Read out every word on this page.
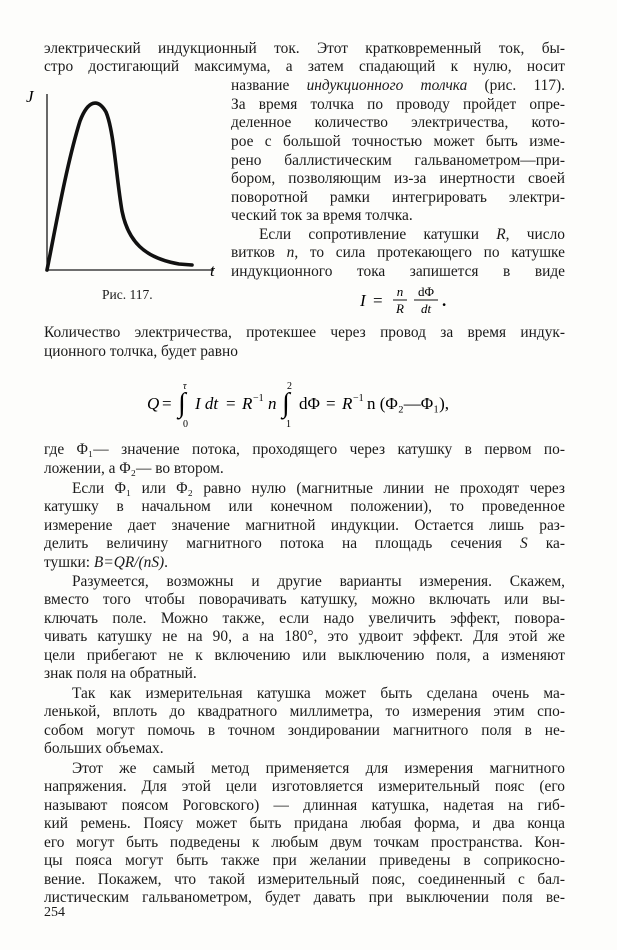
электрический индукционный ток. Этот кратковременный ток, бы-
стро достигающий максимума, а затем спадающий к нулю, носит
название индукционного толчка (рис. 117).
За время толчка по проводу пройдет опре-
деленное количество электричества, кото-
рое с большой точностью может быть изме-
рено баллистическим гальванометром—при-
бором, позволяющим из-за инертности своей
поворотной рамки интегрировать электри-
ческий ток за время толчка.
Если сопротивление катушки R, число
витков n, то сила протекающего по катушке
индукционного тока запишется в виде
J
t
Рис. 117.	I = n
R
dΦ
dt .
Количество электричества, протекшее через провод за время индук-
ционного толчка, будет равно
Q =
τ
∫
0
I dt = R −1 n
2
∫
1
dΦ = R −1 n (Φ₂—Φ₁),
где Φ₁— значение потока, проходящего через катушку в первом по-
ложении, а Φ₂— во втором.
Если Φ₁ или Φ₂ равно нулю (магнитные линии не проходят через
катушку в начальном или конечном положении), то проведенное
измерение дает значение магнитной индукции. Остается лишь раз-
делить величину магнитного потока на площадь сечения S ка-
тушки: B=QR/(nS).
Разумеется, возможны и другие варианты измерения. Скажем,
вместо того чтобы поворачивать катушку, можно включать или вы-
ключать поле. Можно также, если надо увеличить эффект, повора-
чивать катушку не на 90, а на 180°, это удвоит эффект. Для этой же
цели прибегают не к включению или выключению поля, а изменяют
знак поля на обратный.
Так как измерительная катушка может быть сделана очень ма-
ленькой, вплоть до квадратного миллиметра, то измерения этим спо-
собом могут помочь в точном зондировании магнитного поля в не-
больших объемах.
Этот же самый метод применяется для измерения магнитного
напряжения. Для этой цели изготовляется измерительный пояс (его
называют поясом Роговского) — длинная катушка, надетая на гиб-
кий ремень. Поясу может быть придана любая форма, и два конца
его могут быть подведены к любым двум точкам пространства. Кон-
цы пояса могут быть также при желании приведены в соприкосно-
вение. Покажем, что такой измерительный пояс, соединенный с бал-
листическим гальванометром, будет давать при выключении поля ве-
254
